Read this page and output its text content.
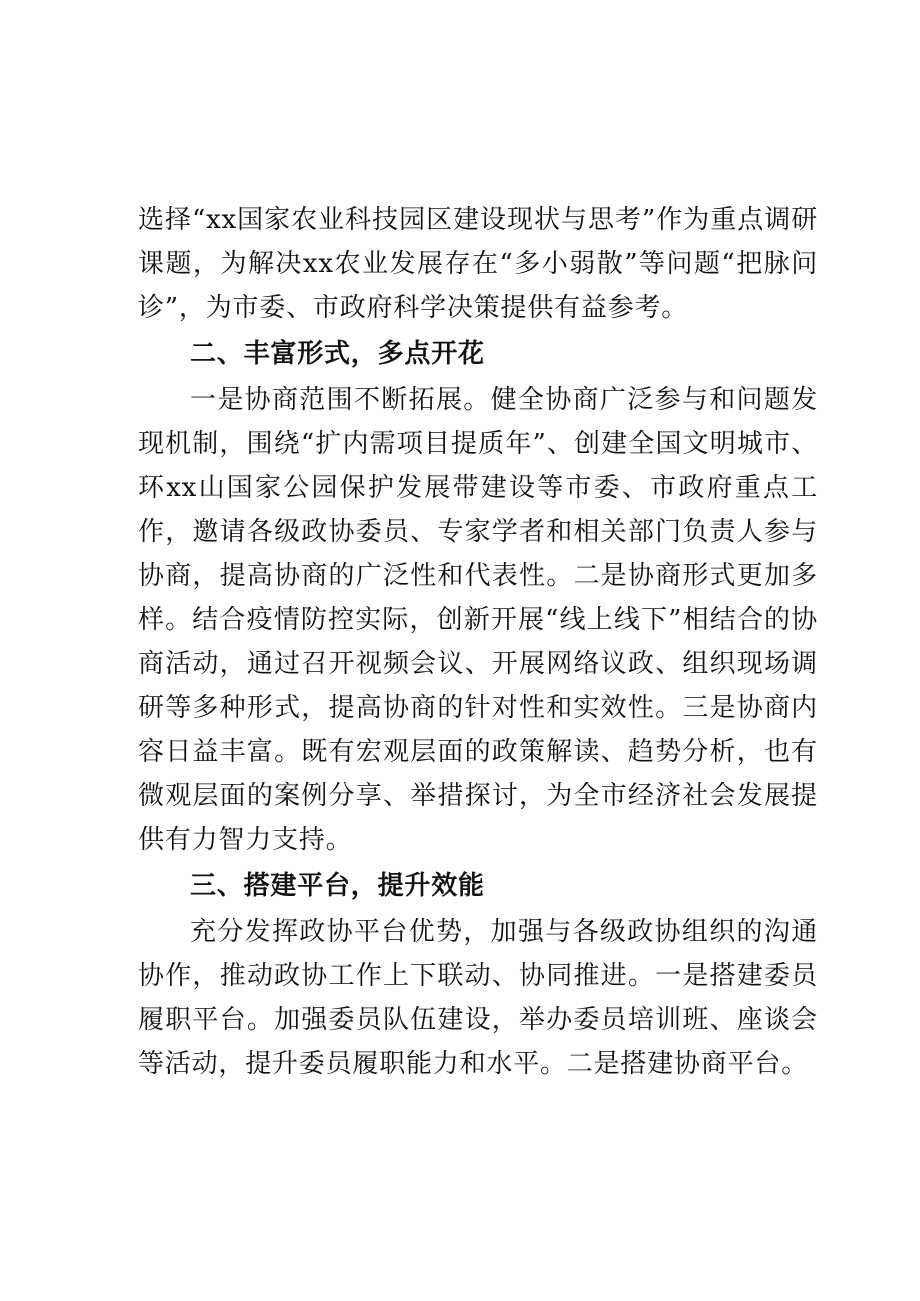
选择“xx国家农业科技园区建设现状与思考”作为重点调研课题，为解决xx农业发展存在“多小弱散”等问题“把脉问诊”，为市委、市政府科学决策提供有益参考。

二、丰富形式，多点开花

一是协商范围不断拓展。健全协商广泛参与和问题发现机制，围绕“扩内需项目提质年”、创建全国文明城市、环xx山国家公园保护发展带建设等市委、市政府重点工作，邀请各级政协委员、专家学者和相关部门负责人参与协商，提高协商的广泛性和代表性。二是协商形式更加多样。结合疫情防控实际，创新开展“线上线下”相结合的协商活动，通过召开视频会议、开展网络议政、组织现场调研等多种形式，提高协商的针对性和实效性。三是协商内容日益丰富。既有宏观层面的政策解读、趋势分析，也有微观层面的案例分享、举措探讨，为全市经济社会发展提供有力智力支持。

三、搭建平台，提升效能

充分发挥政协平台优势，加强与各级政协组织的沟通协作，推动政协工作上下联动、协同推进。一是搭建委员履职平台。加强委员队伍建设，举办委员培训班、座谈会等活动，提升委员履职能力和水平。二是搭建协商平台。
